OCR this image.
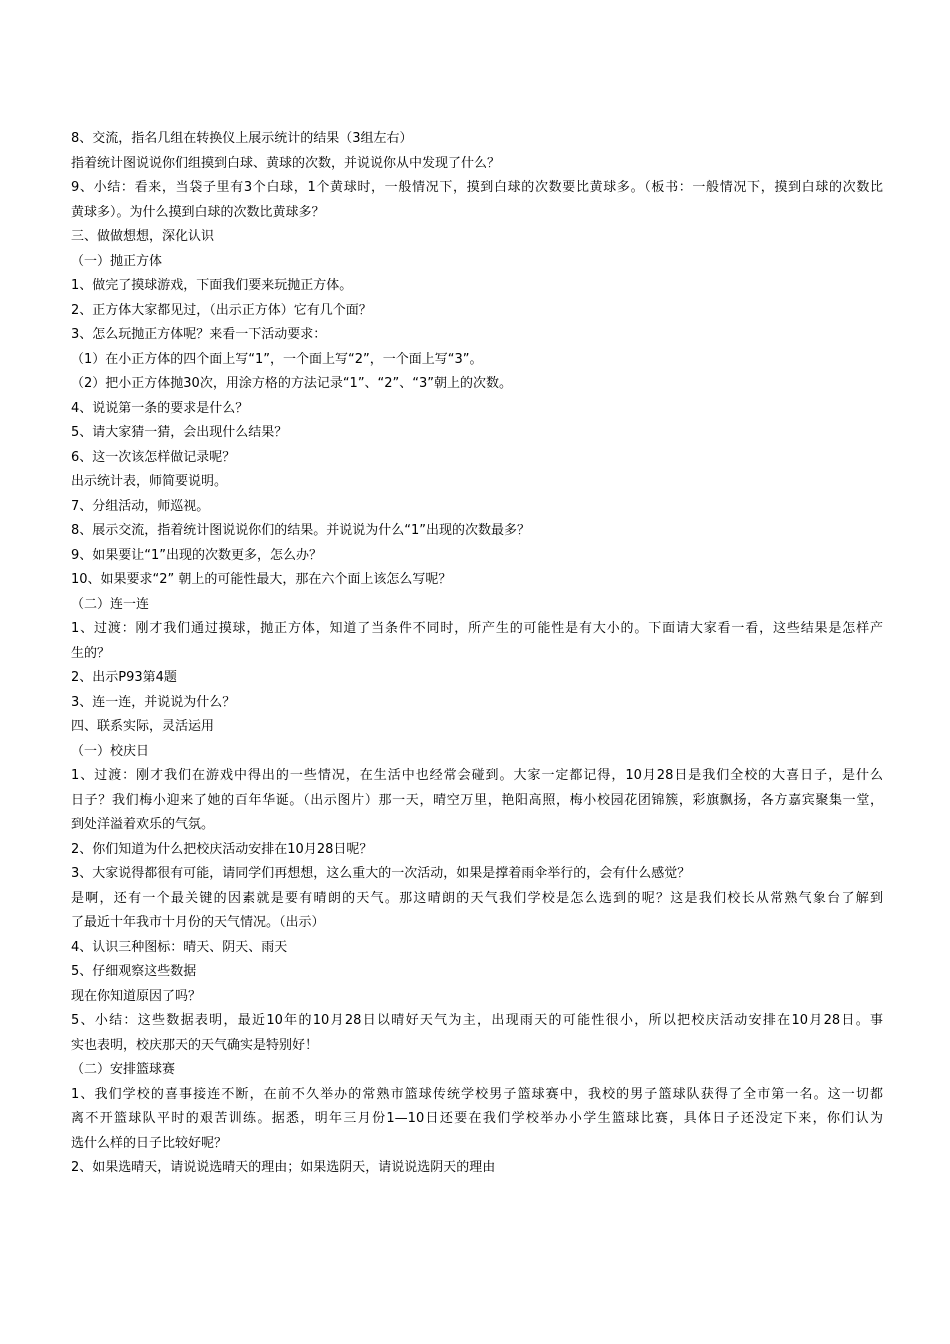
8、交流，指名几组在转换仪上展示统计的结果（3组左右）
指着统计图说说你们组摸到白球、黄球的次数，并说说你从中发现了什么？
9、小结：看来，当袋子里有3个白球，1个黄球时，一般情况下，摸到白球的次数要比黄球多。（板书：一般情况下，摸到白球的次数比
黄球多）。为什么摸到白球的次数比黄球多？
三、做做想想，深化认识
（一）抛正方体
1、做完了摸球游戏，下面我们要来玩抛正方体。
2、正方体大家都见过，（出示正方体）它有几个面？
3、怎么玩抛正方体呢？来看一下活动要求：
（1）在小正方体的四个面上写“1”，一个面上写“2”，一个面上写“3”。
（2）把小正方体抛30次，用涂方格的方法记录“1”、“2”、“3”朝上的次数。
4、说说第一条的要求是什么？
5、请大家猜一猜，会出现什么结果？
6、这一次该怎样做记录呢？
出示统计表，师简要说明。
7、分组活动，师巡视。
8、展示交流，指着统计图说说你们的结果。并说说为什么“1”出现的次数最多？
9、如果要让“1”出现的次数更多，怎么办？
10、如果要求“2” 朝上的可能性最大，那在六个面上该怎么写呢？
（二）连一连
1、过渡：刚才我们通过摸球，抛正方体，知道了当条件不同时，所产生的可能性是有大小的。下面请大家看一看，这些结果是怎样产
生的？
2、出示P93第4题
3、连一连，并说说为什么？
四、联系实际，灵活运用
（一）校庆日
1、过渡：刚才我们在游戏中得出的一些情况，在生活中也经常会碰到。大家一定都记得，10月28日是我们全校的大喜日子，是什么
日子？我们梅小迎来了她的百年华诞。（出示图片）那一天，晴空万里，艳阳高照，梅小校园花团锦簇，彩旗飘扬，各方嘉宾聚集一堂，
到处洋溢着欢乐的气氛。
2、你们知道为什么把校庆活动安排在10月28日呢？
3、大家说得都很有可能，请同学们再想想，这么重大的一次活动，如果是撑着雨伞举行的，会有什么感觉？
是啊，还有一个最关键的因素就是要有晴朗的天气。那这晴朗的天气我们学校是怎么选到的呢？这是我们校长从常熟气象台了解到
了最近十年我市十月份的天气情况。（出示）
4、认识三种图标：晴天、阴天、雨天
5、仔细观察这些数据
现在你知道原因了吗？
5、小结：这些数据表明，最近10年的10月28日以晴好天气为主，出现雨天的可能性很小，所以把校庆活动安排在10月28日。事
实也表明，校庆那天的天气确实是特别好！
（二）安排篮球赛
1、我们学校的喜事接连不断，在前不久举办的常熟市篮球传统学校男子篮球赛中，我校的男子篮球队获得了全市第一名。这一切都
离不开篮球队平时的艰苦训练。据悉，明年三月份1—10日还要在我们学校举办小学生篮球比赛，具体日子还没定下来，你们认为
选什么样的日子比较好呢？
2、如果选晴天，请说说选晴天的理由；如果选阴天，请说说选阴天的理由
